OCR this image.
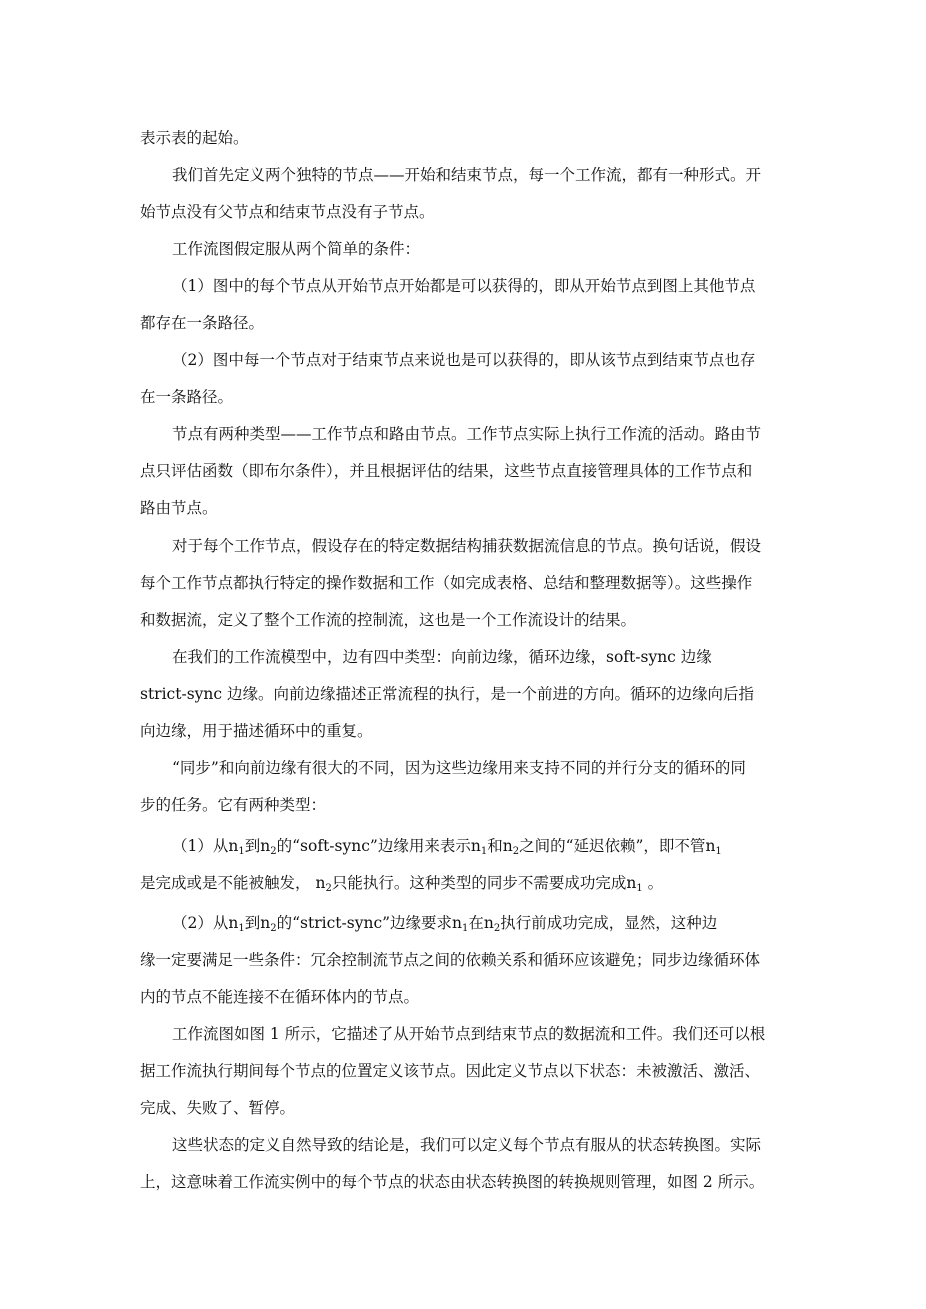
表示表的起始。
我们首先定义两个独特的节点——开始和结束节点，每一个工作流，都有一种形式。开
始节点没有父节点和结束节点没有子节点。
工作流图假定服从两个简单的条件：
（1）图中的每个节点从开始节点开始都是可以获得的，即从开始节点到图上其他节点
都存在一条路径。
（2）图中每一个节点对于结束节点来说也是可以获得的，即从该节点到结束节点也存
在一条路径。
节点有两种类型——工作节点和路由节点。工作节点实际上执行工作流的活动。路由节
点只评估函数（即布尔条件），并且根据评估的结果，这些节点直接管理具体的工作节点和
路由节点。
对于每个工作节点，假设存在的特定数据结构捕获数据流信息的节点。换句话说，假设
每个工作节点都执行特定的操作数据和工作（如完成表格、总结和整理数据等）。这些操作
和数据流，定义了整个工作流的控制流，这也是一个工作流设计的结果。
在我们的工作流模型中，边有四中类型：向前边缘，循环边缘，soft-sync 边缘
strict-sync 边缘。向前边缘描述正常流程的执行，是一个前进的方向。循环的边缘向后指
向边缘，用于描述循环中的重复。
“同步”和向前边缘有很大的不同，因为这些边缘用来支持不同的并行分支的循环的同
步的任务。它有两种类型：
（1）从$n_1$到$n_2$的“soft-sync”边缘用来表示$n_1$和$n_2$之间的“延迟依赖”，即不管$n_1$
是完成或是不能被触发， $n_2$只能执行。这种类型的同步不需要成功完成$n_1$ 。
（2）从$n_1$到$n_2$的“strict-sync”边缘要求$n_1$在$n_2$执行前成功完成，显然，这种边
缘一定要满足一些条件：冗余控制流节点之间的依赖关系和循环应该避免；同步边缘循环体
内的节点不能连接不在循环体内的节点。
工作流图如图 1 所示，它描述了从开始节点到结束节点的数据流和工件。我们还可以根
据工作流执行期间每个节点的位置定义该节点。因此定义节点以下状态：未被激活、激活、
完成、失败了、暂停。
这些状态的定义自然导致的结论是，我们可以定义每个节点有服从的状态转换图。实际
上，这意味着工作流实例中的每个节点的状态由状态转换图的转换规则管理，如图 2 所示。
